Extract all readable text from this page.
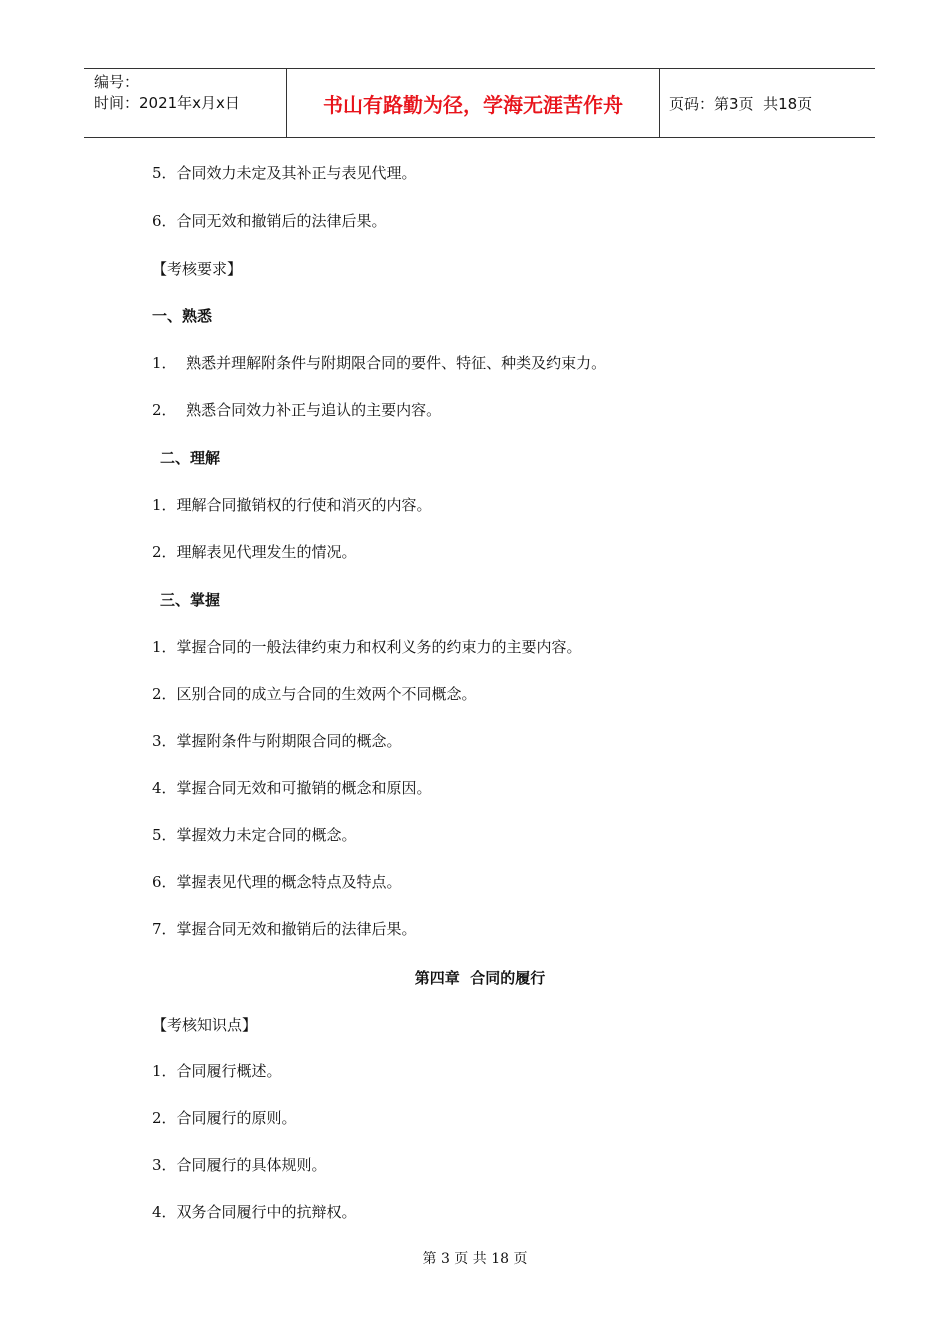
编号：
时间：2021年x月x日	书山有路勤为径，学海无涯苦作舟	页码：第3页  共18页
5．合同效力未定及其补正与表见代理。
6．合同无效和撤销后的法律后果。
【考核要求】
一、熟悉
1．  熟悉并理解附条件与附期限合同的要件、特征、种类及约束力。
2．  熟悉合同效力补正与追认的主要内容。
二、理解
1．理解合同撤销权的行使和消灭的内容。
2．理解表见代理发生的情况。
三、掌握
1．掌握合同的一般法律约束力和权利义务的约束力的主要内容。
2．区别合同的成立与合同的生效两个不同概念。
3．掌握附条件与附期限合同的概念。
4．掌握合同无效和可撤销的概念和原因。
5．掌握效力未定合同的概念。
6．掌握表见代理的概念特点及特点。
7．掌握合同无效和撤销后的法律后果。
第四章  合同的履行
【考核知识点】
1．合同履行概述。
2．合同履行的原则。
3．合同履行的具体规则。
4．双务合同履行中的抗辩权。
第 3 页 共 18 页
